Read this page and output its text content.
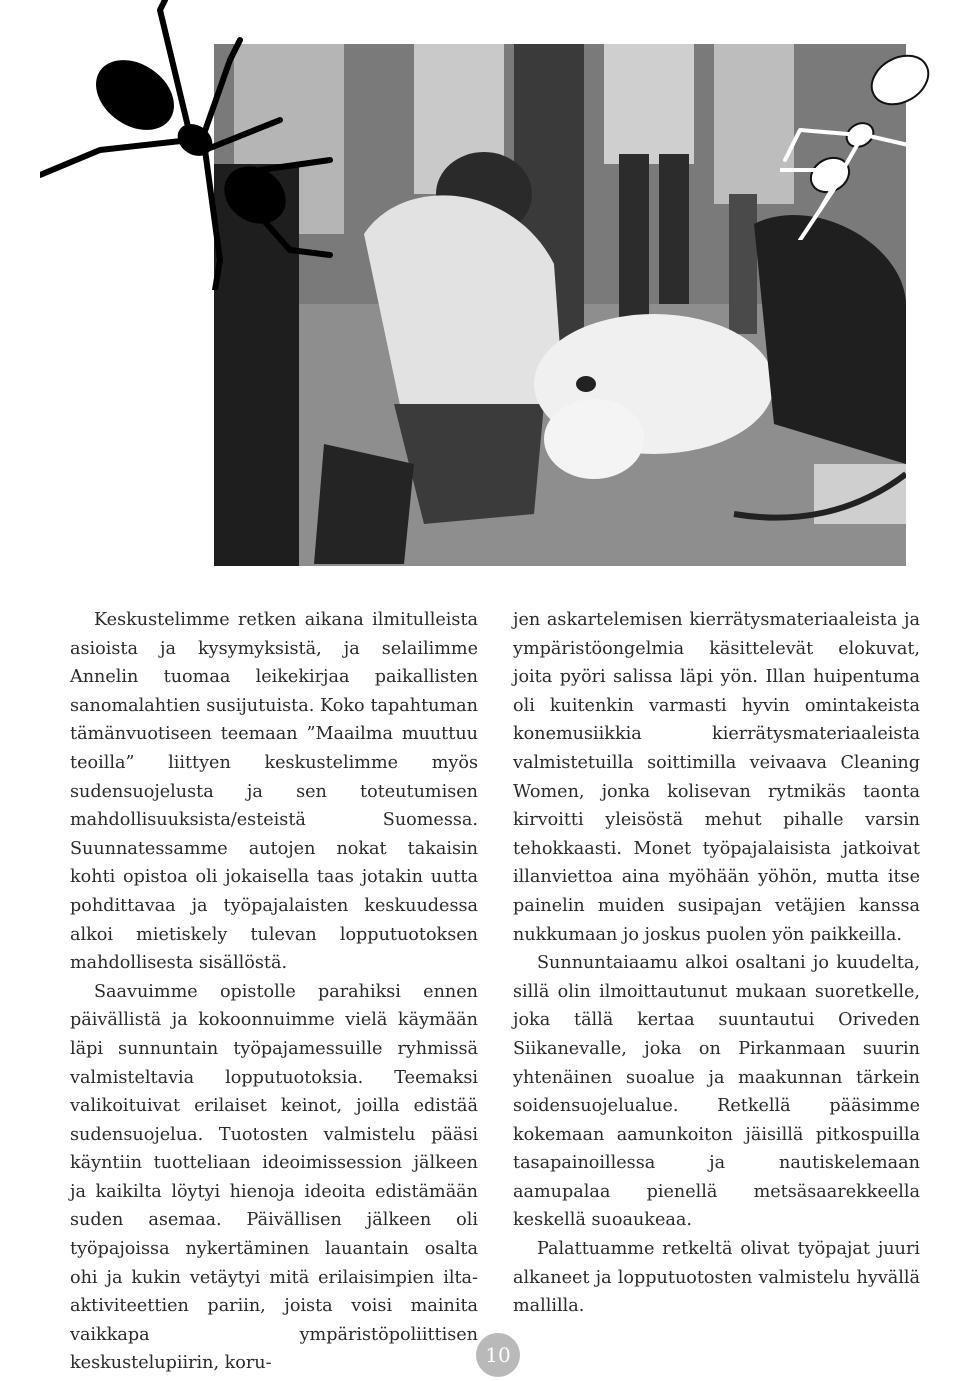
Keskustelimme retken aikana ilmitulleista asioista ja kysymyksistä, ja selailimme Annelin tuomaa leikekirjaa paikallisten sanomalahtien susijutuista. Koko tapahtuman tämänvuotiseen teemaan ”Maailma muuttuu teoilla” liittyen keskustelimme myös sudensuojelusta ja sen toteutumisen mahdollisuuksista/esteistä Suomessa. Suunnatessamme autojen nokat takaisin kohti opistoa oli jokaisella taas jotakin uutta pohdittavaa ja työpajalaisten keskuudessa alkoi mietiskely tulevan lopputuotoksen mahdollisesta sisällöstä.

Saavuimme opistolle parahiksi ennen päivällistä ja kokoonnuimme vielä käymään läpi sunnuntain työpajamessuille ryhmissä valmisteltavia lopputuotoksia. Teemaksi valikoituivat erilaiset keinot, joilla edistää sudensuojelua. Tuotosten valmistelu pääsi käyntiin tuotteliaan ideoimissession jälkeen ja kaikilta löytyi hienoja ideoita edistämään suden asemaa. Päivällisen jälkeen oli työpajoissa nykertäminen lauantain osalta ohi ja kukin vetäytyi mitä erilaisimpien ilta-aktiviteettien pariin, joista voisi mainita vaikkapa ympäristöpoliittisen keskustelupiirin, koru-

jen askartelemisen kierrätysmateriaaleista ja ympäristöongelmia käsittelevät elokuvat, joita pyöri salissa läpi yön. Illan huipentuma oli kuitenkin varmasti hyvin omintakeista konemusiikkia kierrätysmateriaaleista valmistetuilla soittimilla veivaava Cleaning Women, jonka kolisevan rytmikäs taonta kirvoitti yleisöstä mehut pihalle varsin tehokkaasti. Monet työpajalaisista jatkoivat illanviettoa aina myöhään yöhön, mutta itse painelin muiden susipajan vetäjien kanssa nukkumaan jo joskus puolen yön paikkeilla.

Sunnuntaiaamu alkoi osaltani jo kuudelta, sillä olin ilmoittautunut mukaan suoretkelle, joka tällä kertaa suuntautui Oriveden Siikanevalle, joka on Pirkanmaan suurin yhtenäinen suoalue ja maakunnan tärkein soidensuojelualue. Retkellä pääsimme kokemaan aamunkoiton jäisillä pitkospuilla tasapainoillessa ja nautiskelemaan aamupalaa pienellä metsäsaarekkeella keskellä suoaukeaa.

Palattuamme retkeltä olivat työpajat juuri alkaneet ja lopputuotosten valmistelu hyvällä mallilla.

10
